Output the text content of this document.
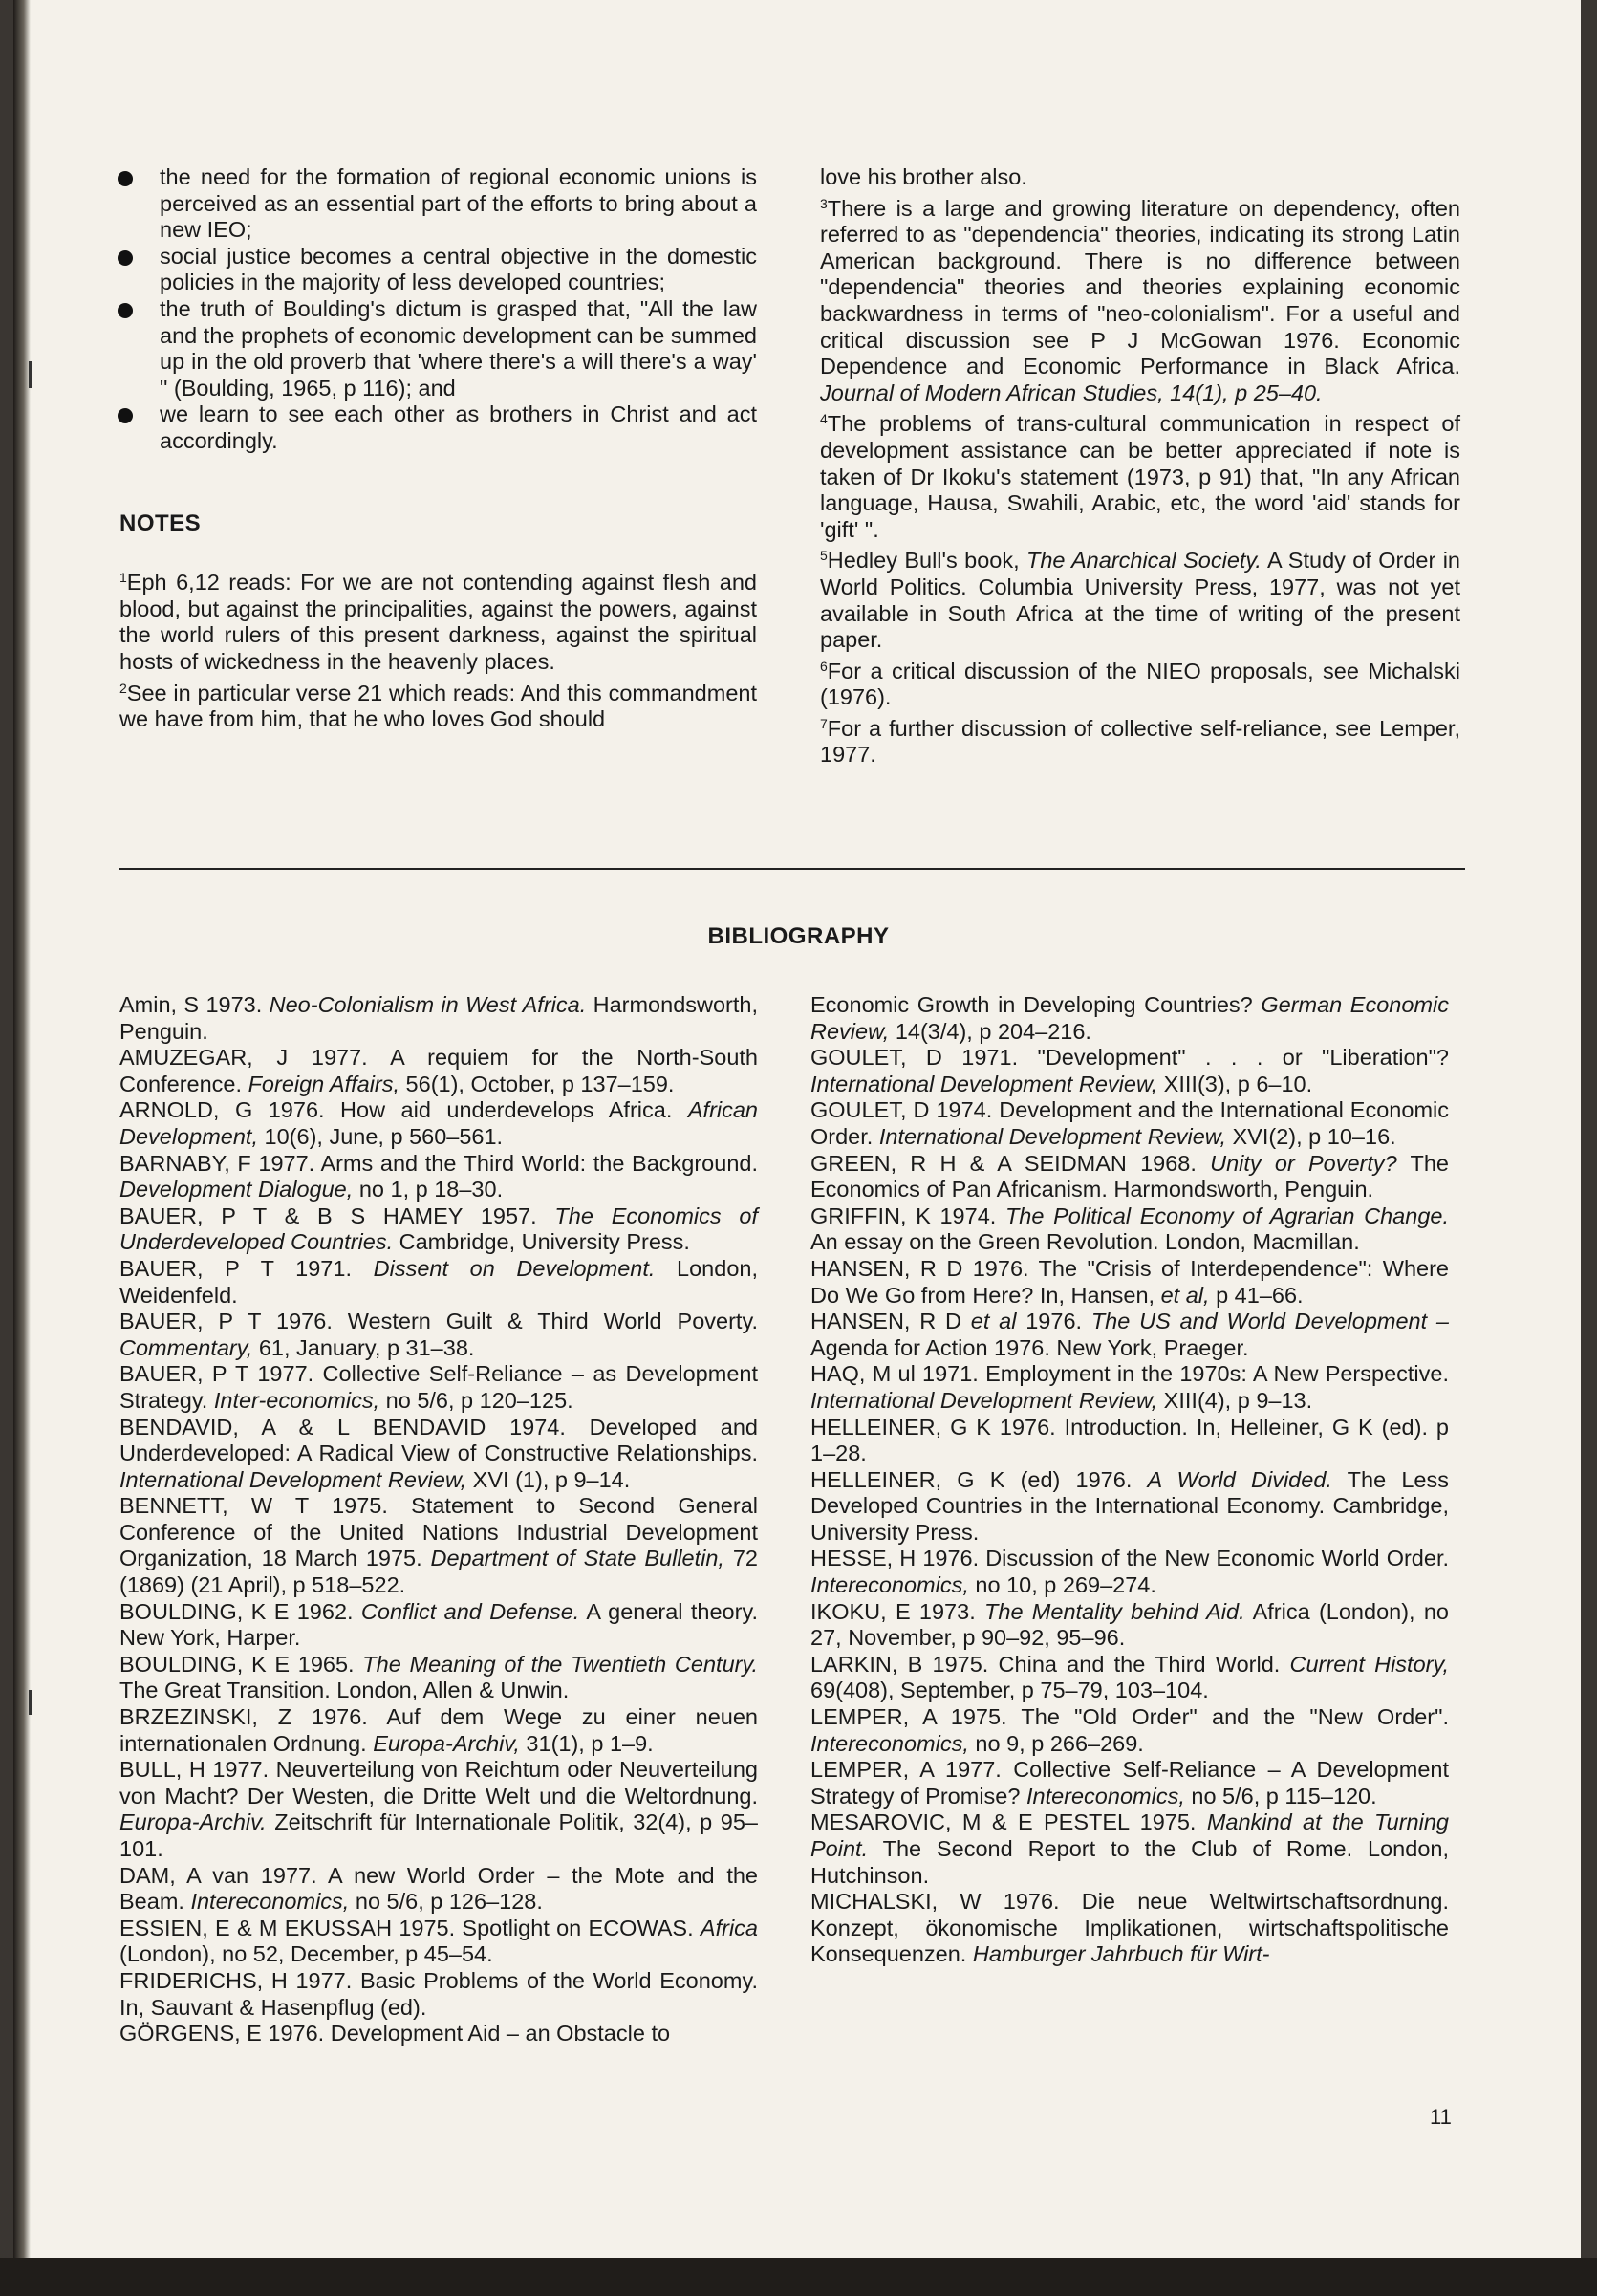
the need for the formation of regional economic unions is perceived as an essential part of the efforts to bring about a new IEO;
social justice becomes a central objective in the domestic policies in the majority of less developed countries;
the truth of Boulding's dictum is grasped that, "All the law and the prophets of economic development can be summed up in the old proverb that 'where there's a will there's a way' " (Boulding, 1965, p 116); and
we learn to see each other as brothers in Christ and act accordingly.
NOTES

$^1$Eph 6,12 reads: For we are not contending against flesh and blood, but against the principalities, against the powers, against the world rulers of this present darkness, against the spiritual hosts of wickedness in the heavenly places.

$^2$See in particular verse 21 which reads: And this commandment we have from him, that he who loves God should

love his brother also.

$^3$There is a large and growing literature on dependency, often referred to as "dependencia" theories, indicating its strong Latin American background. There is no difference between "dependencia" theories and theories explaining economic backwardness in terms of "neo-colonialism". For a useful and critical discussion see P J McGowan 1976. Economic Dependence and Economic Performance in Black Africa. Journal of Modern African Studies, 14(1), p 25–40.

$^4$The problems of trans-cultural communication in respect of development assistance can be better appreciated if note is taken of Dr Ikoku's statement (1973, p 91) that, "In any African language, Hausa, Swahili, Arabic, etc, the word 'aid' stands for 'gift' ".

$^5$Hedley Bull's book, The Anarchical Society. A Study of Order in World Politics. Columbia University Press, 1977, was not yet available in South Africa at the time of writing of the present paper.

$^6$For a critical discussion of the NIEO proposals, see Michalski (1976).

$^7$For a further discussion of collective self-reliance, see Lemper, 1977.

BIBLIOGRAPHY

Amin, S 1973. Neo-Colonialism in West Africa. Harmondsworth, Penguin.

AMUZEGAR, J 1977. A requiem for the North-South Conference. Foreign Affairs, 56(1), October, p 137–159.

ARNOLD, G 1976. How aid underdevelops Africa. African Development, 10(6), June, p 560–561.

BARNABY, F 1977. Arms and the Third World: the Background. Development Dialogue, no 1, p 18–30.

BAUER, P T & B S HAMEY 1957. The Economics of Underdeveloped Countries. Cambridge, University Press.

BAUER, P T 1971. Dissent on Development. London, Weidenfeld.

BAUER, P T 1976. Western Guilt & Third World Poverty. Commentary, 61, January, p 31–38.

BAUER, P T 1977. Collective Self-Reliance – as Development Strategy. Inter-economics, no 5/6, p 120–125.

BENDAVID, A & L BENDAVID 1974. Developed and Underdeveloped: A Radical View of Constructive Relationships. International Development Review, XVI (1), p 9–14.

BENNETT, W T 1975. Statement to Second General Conference of the United Nations Industrial Development Organization, 18 March 1975. Department of State Bulletin, 72 (1869) (21 April), p 518–522.

BOULDING, K E 1962. Conflict and Defense. A general theory. New York, Harper.

BOULDING, K E 1965. The Meaning of the Twentieth Century. The Great Transition. London, Allen & Unwin.

BRZEZINSKI, Z 1976. Auf dem Wege zu einer neuen internationalen Ordnung. Europa-Archiv, 31(1), p 1–9.

BULL, H 1977. Neuverteilung von Reichtum oder Neuverteilung von Macht? Der Westen, die Dritte Welt und die Weltordnung. Europa-Archiv. Zeitschrift für Internationale Politik, 32(4), p 95–101.

DAM, A van 1977. A new World Order – the Mote and the Beam. Intereconomics, no 5/6, p 126–128.

ESSIEN, E & M EKUSSAH 1975. Spotlight on ECOWAS. Africa (London), no 52, December, p 45–54.

FRIDERICHS, H 1977. Basic Problems of the World Economy. In, Sauvant & Hasenpflug (ed).

GÖRGENS, E 1976. Development Aid – an Obstacle to

Economic Growth in Developing Countries? German Economic Review, 14(3/4), p 204–216.

GOULET, D 1971. "Development" . . . or "Liberation"? International Development Review, XIII(3), p 6–10.

GOULET, D 1974. Development and the International Economic Order. International Development Review, XVI(2), p 10–16.

GREEN, R H & A SEIDMAN 1968. Unity or Poverty? The Economics of Pan Africanism. Harmondsworth, Penguin.

GRIFFIN, K 1974. The Political Economy of Agrarian Change. An essay on the Green Revolution. London, Macmillan.

HANSEN, R D 1976. The "Crisis of Interdependence": Where Do We Go from Here? In, Hansen, et al, p 41–66.

HANSEN, R D et al 1976. The US and World Development – Agenda for Action 1976. New York, Praeger.

HAQ, M ul 1971. Employment in the 1970s: A New Perspective. International Development Review, XIII(4), p 9–13.

HELLEINER, G K 1976. Introduction. In, Helleiner, G K (ed). p 1–28.

HELLEINER, G K (ed) 1976. A World Divided. The Less Developed Countries in the International Economy. Cambridge, University Press.

HESSE, H 1976. Discussion of the New Economic World Order. Intereconomics, no 10, p 269–274.

IKOKU, E 1973. The Mentality behind Aid. Africa (London), no 27, November, p 90–92, 95–96.

LARKIN, B 1975. China and the Third World. Current History, 69(408), September, p 75–79, 103–104.

LEMPER, A 1975. The "Old Order" and the "New Order". Intereconomics, no 9, p 266–269.

LEMPER, A 1977. Collective Self-Reliance – A Development Strategy of Promise? Intereconomics, no 5/6, p 115–120.

MESAROVIC, M & E PESTEL 1975. Mankind at the Turning Point. The Second Report to the Club of Rome. London, Hutchinson.

MICHALSKI, W 1976. Die neue Weltwirtschaftsordnung. Konzept, ökonomische Implikationen, wirtschaftspolitische Konsequenzen. Hamburger Jahrbuch für Wirt-

11
